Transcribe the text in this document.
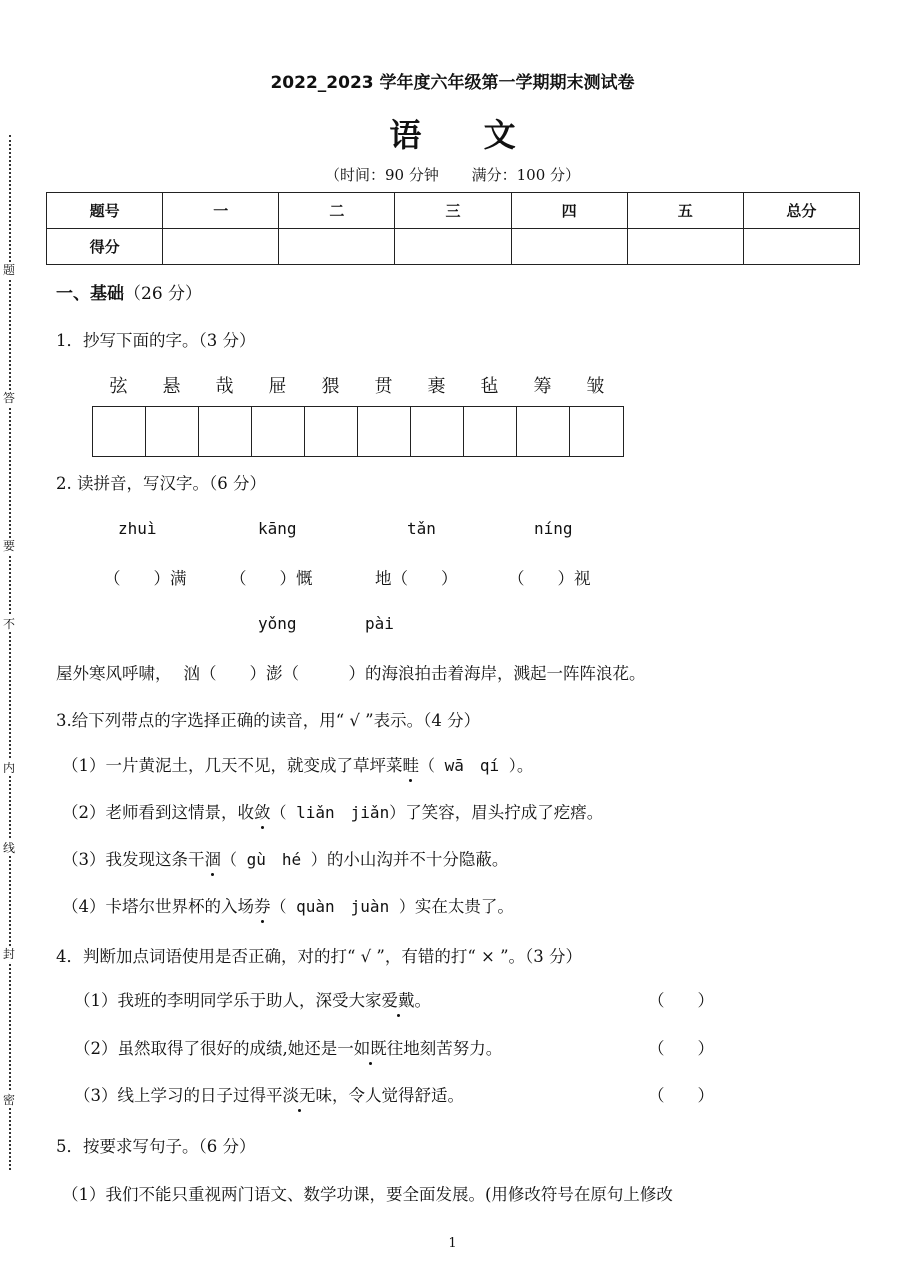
题
答
要
不
内
线
封
密
2022_2023 学年度六年级第一学期期末测试卷
语 文
（时间：90 分钟 满分：100 分）
题号	一	二	三	四	五	总分
得分						
一、基础（26 分）
1．抄写下面的字。（3 分）
弦	悬	哉	屉	猥	贯	裹	毡	筹	皱
2. 读拼音，写汉字。（6 分）
zhuì	kāng	tǎn	níng
（　　）满	（　　）慨	地（　　）	（　　）视
yǒng	pài
屋外寒风呼啸， 汹（　　）澎（　　　）的海浪拍击着海岸，溅起一阵阵浪花。
3.给下列带点的字选择正确的读音，用“ √ ”表示。（4 分）
（1）一片黄泥土，几天不见，就变成了草坪菜畦（ wā　qí ）。
（2）老师看到这情景，收敛（ liǎn　jiǎn）了笑容，眉头拧成了疙瘩。
（3）我发现这条干涸（ gù　hé ）的小山沟并不十分隐蔽。
（4）卡塔尔世界杯的入场券（ quàn　juàn ）实在太贵了。
4．判断加点词语使用是否正确，对的打“ √ ”，有错的打“ × ”。（3 分）
（1）我班的李明同学乐于助人，深受大家爱戴。	（　　）
（2）虽然取得了很好的成绩,她还是一如既往地刻苦努力。	（　　）
（3）线上学习的日子过得平淡无味，令人觉得舒适。	（　　）
5．按要求写句子。（6 分）
（1）我们不能只重视两门语文、数学功课，要全面发展。(用修改符号在原句上修改
1
